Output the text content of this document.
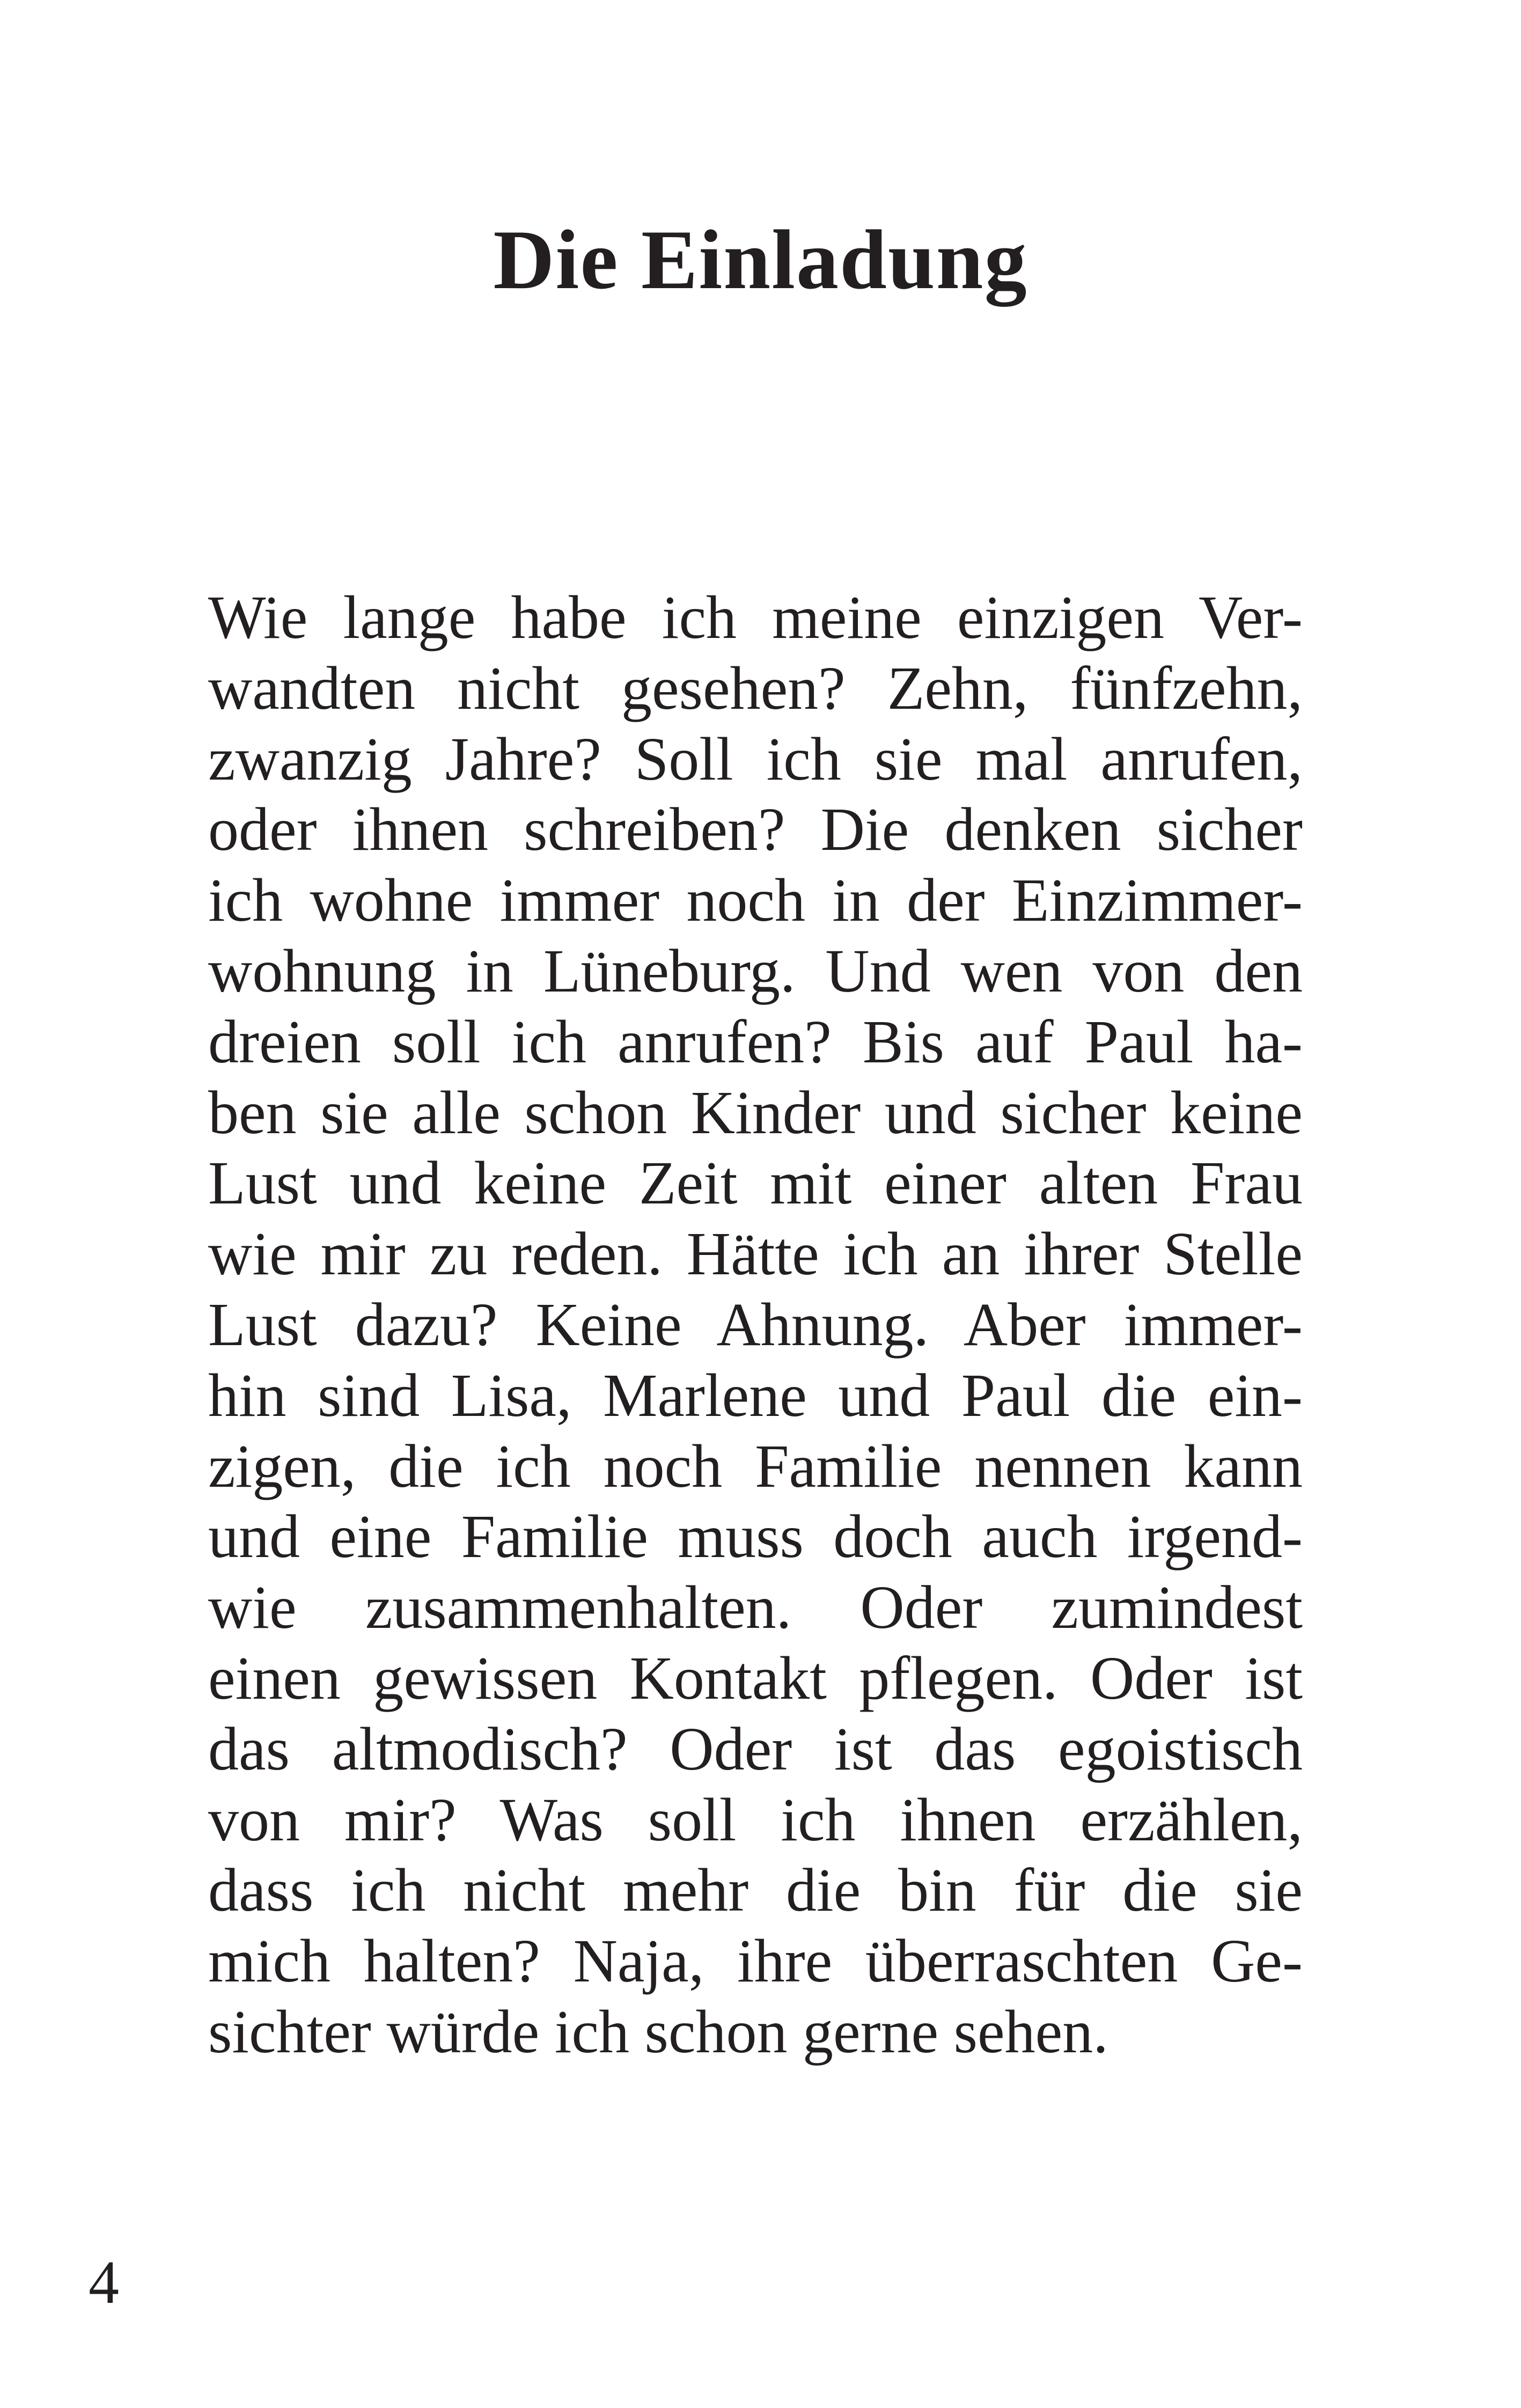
Die Einladung
Wie lange habe ich meine einzigen Ver-
wandten nicht gesehen? Zehn, fünfzehn,
zwanzig Jahre? Soll ich sie mal anrufen,
oder ihnen schreiben? Die denken sicher
ich wohne immer noch in der Einzimmer-
wohnung in Lüneburg. Und wen von den
dreien soll ich anrufen? Bis auf Paul ha-
ben sie alle schon Kinder und sicher keine
Lust und keine Zeit mit einer alten Frau
wie mir zu reden. Hätte ich an ihrer Stelle
Lust dazu? Keine Ahnung. Aber immer-
hin sind Lisa, Marlene und Paul die ein-
zigen, die ich noch Familie nennen kann
und eine Familie muss doch auch irgend-
wie zusammenhalten. Oder zumindest
einen gewissen Kontakt pflegen. Oder ist
das altmodisch? Oder ist das egoistisch
von mir? Was soll ich ihnen erzählen,
dass ich nicht mehr die bin für die sie
mich halten? Naja, ihre überraschten Ge-
sichter würde ich schon gerne sehen.

4
